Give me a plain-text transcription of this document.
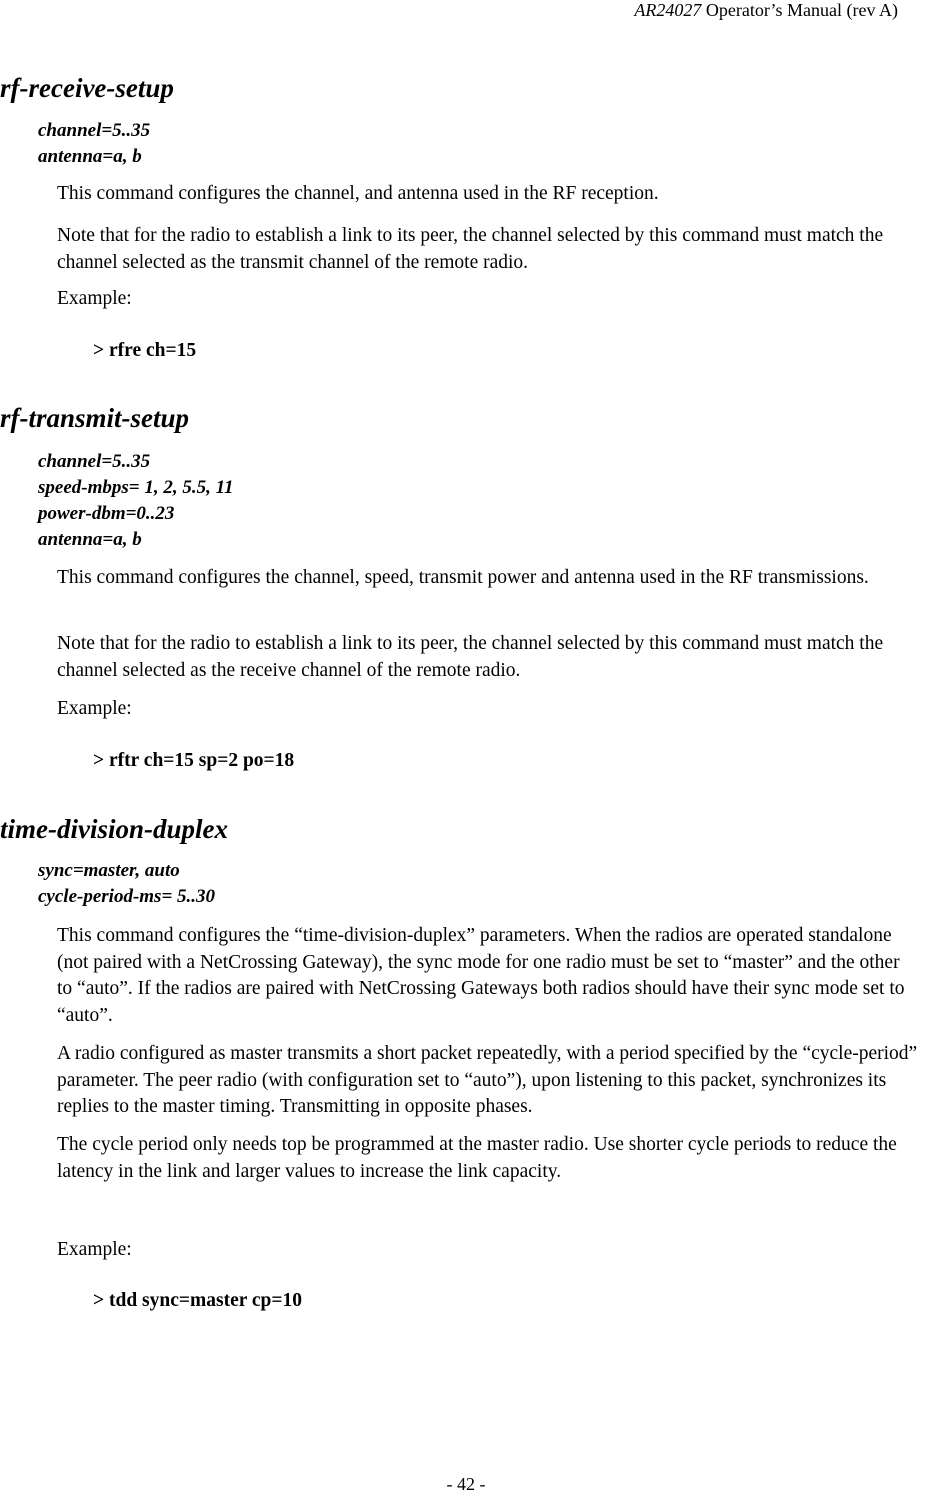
AR24027 Operator’s Manual (rev A)
rf-receive-setup
channel=5..35
antenna=a, b

This command configures the channel, and antenna used in the RF reception.

Note that for the radio to establish a link to its peer, the channel selected by this command must match the channel selected as the transmit channel of the remote radio.

Example:

> rfre ch=15

rf-transmit-setup
channel=5..35
speed-mbps= 1, 2, 5.5, 11
power-dbm=0..23
antenna=a, b

This command configures the channel, speed, transmit power and antenna used in the RF transmissions.

Note that for the radio to establish a link to its peer, the channel selected by this command must match the channel selected as the receive channel of the remote radio.

Example:

> rftr ch=15 sp=2 po=18

time-division-duplex
sync=master, auto
cycle-period-ms= 5..30

This command configures the “time-division-duplex” parameters. When the radios are operated standalone (not paired with a NetCrossing Gateway), the sync mode for one radio must be set to “master” and the other to “auto”. If the radios are paired with NetCrossing Gateways both radios should have their sync mode set to “auto”.

A radio configured as master transmits a short packet repeatedly, with a period specified by the “cycle-period” parameter. The peer radio (with configuration set to “auto”), upon listening to this packet, synchronizes its replies to the master timing. Transmitting in opposite phases.

The cycle period only needs top be programmed at the master radio. Use shorter cycle periods to reduce the latency in the link and larger values to increase the link capacity.

Example:

> tdd sync=master cp=10

- 42 -
